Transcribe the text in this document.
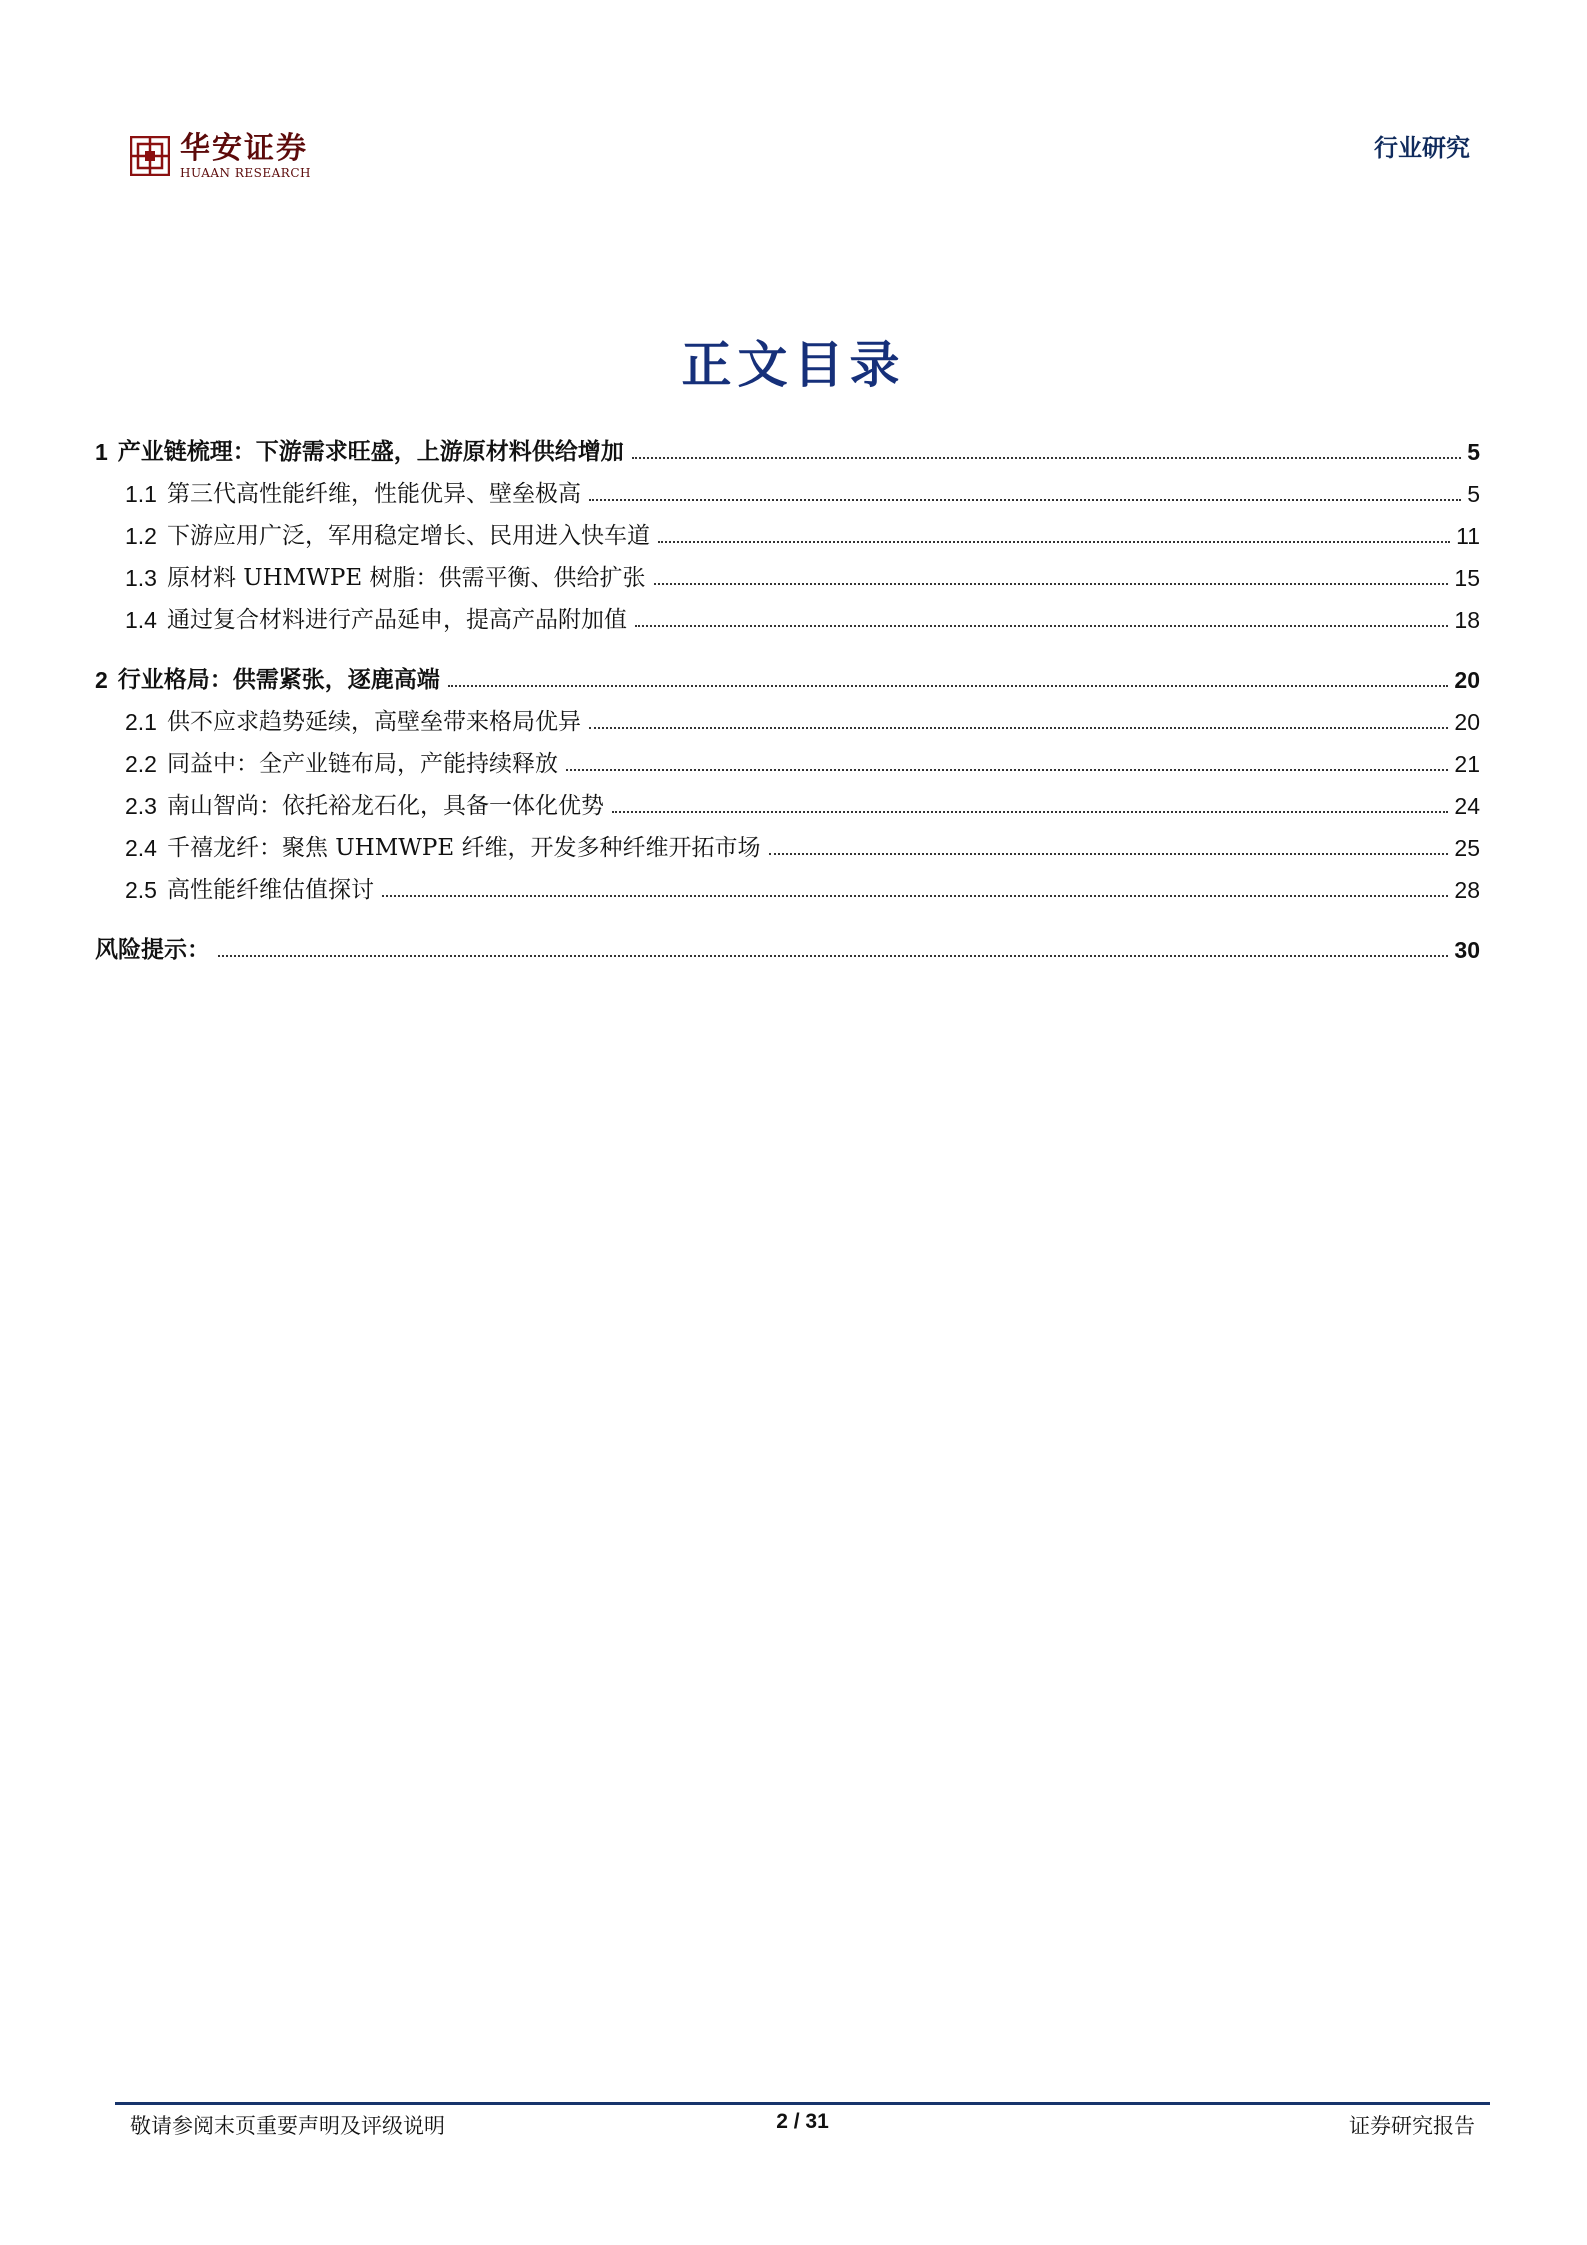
华安证券
HUAAN RESEARCH
行业研究
正文目录
1 产业链梳理：下游需求旺盛，上游原材料供给增加	5
1.1 第三代高性能纤维，性能优异、壁垒极高	5
1.2 下游应用广泛，军用稳定增长、民用进入快车道	11
1.3 原材料 UHMWPE 树脂：供需平衡、供给扩张	15
1.4 通过复合材料进行产品延申，提高产品附加值	18
2 行业格局：供需紧张，逐鹿高端	20
2.1 供不应求趋势延续，高壁垒带来格局优异	20
2.2 同益中：全产业链布局，产能持续释放	21
2.3 南山智尚：依托裕龙石化，具备一体化优势	24
2.4 千禧龙纤：聚焦 UHMWPE 纤维，开发多种纤维开拓市场	25
2.5 高性能纤维估值探讨	28
风险提示：	30
敬请参阅末页重要声明及评级说明	2 / 31	证券研究报告
